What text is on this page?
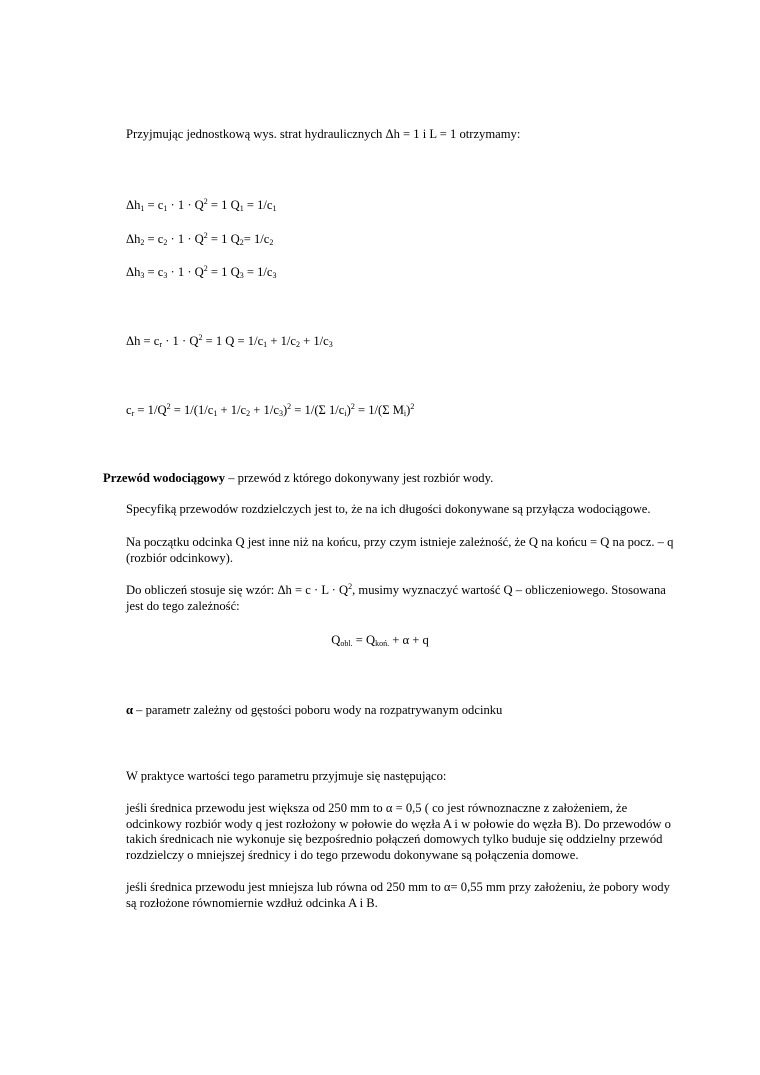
Przyjmując jednostkową wys. strat hydraulicznych Δh = 1 i L = 1 otrzymamy:
$\Delta h_1 = c_1 \cdot 1 \cdot Q^2 = 1$ $Q_1 = 1/c_1$
$\Delta h_2 = c_2 \cdot 1 \cdot Q^2 = 1$ $Q_2= 1/c_2$
$\Delta h_3 = c_3 \cdot 1 \cdot Q^2 = 1$ $Q_3 = 1/c_3$
$\Delta h = c_r \cdot 1 \cdot Q^2 = 1$ $Q = 1/c_1 + 1/c_2 + 1/c_3$
$c_r = 1/Q^2 = 1/(1/c_1 + 1/c_2 + 1/c_3)^2 = 1/(\Sigma$ $1/c_i)^2 = 1/(\Sigma$ $M_i)^2$
Przewód wodociągowy – przewód z którego dokonywany jest rozbiór wody.
Specyfiką przewodów rozdzielczych jest to, że na ich długości dokonywane są przyłącza wodociągowe.
Na początku odcinka Q jest inne niż na końcu, przy czym istnieje zależność, że Q na końcu = Q na pocz. – q (rozbiór odcinkowy).
Do obliczeń stosuje się wzór: $\Delta h = c \cdot L \cdot Q^2$, musimy wyznaczyć wartość Q – obliczeniowego. Stosowana jest do tego zależność:
$Q_{obl.} = Q_{koń.} + \alpha + q$
α – parametr zależny od gęstości poboru wody na rozpatrywanym odcinku
W praktyce wartości tego parametru przyjmuje się następująco:
jeśli średnica przewodu jest większa od 250 mm to α = 0,5 ( co jest równoznaczne z założeniem, że odcinkowy rozbiór wody q jest rozłożony w połowie do węzła A i w połowie do węzła B). Do przewodów o takich średnicach nie wykonuje się bezpośrednio połączeń domowych tylko buduje się oddzielny przewód rozdzielczy o mniejszej średnicy i do tego przewodu dokonywane są połączenia domowe.
jeśli średnica przewodu jest mniejsza lub równa od 250 mm to α= 0,55 mm przy założeniu, że pobory wody są rozłożone równomiernie wzdłuż odcinka A i B.
